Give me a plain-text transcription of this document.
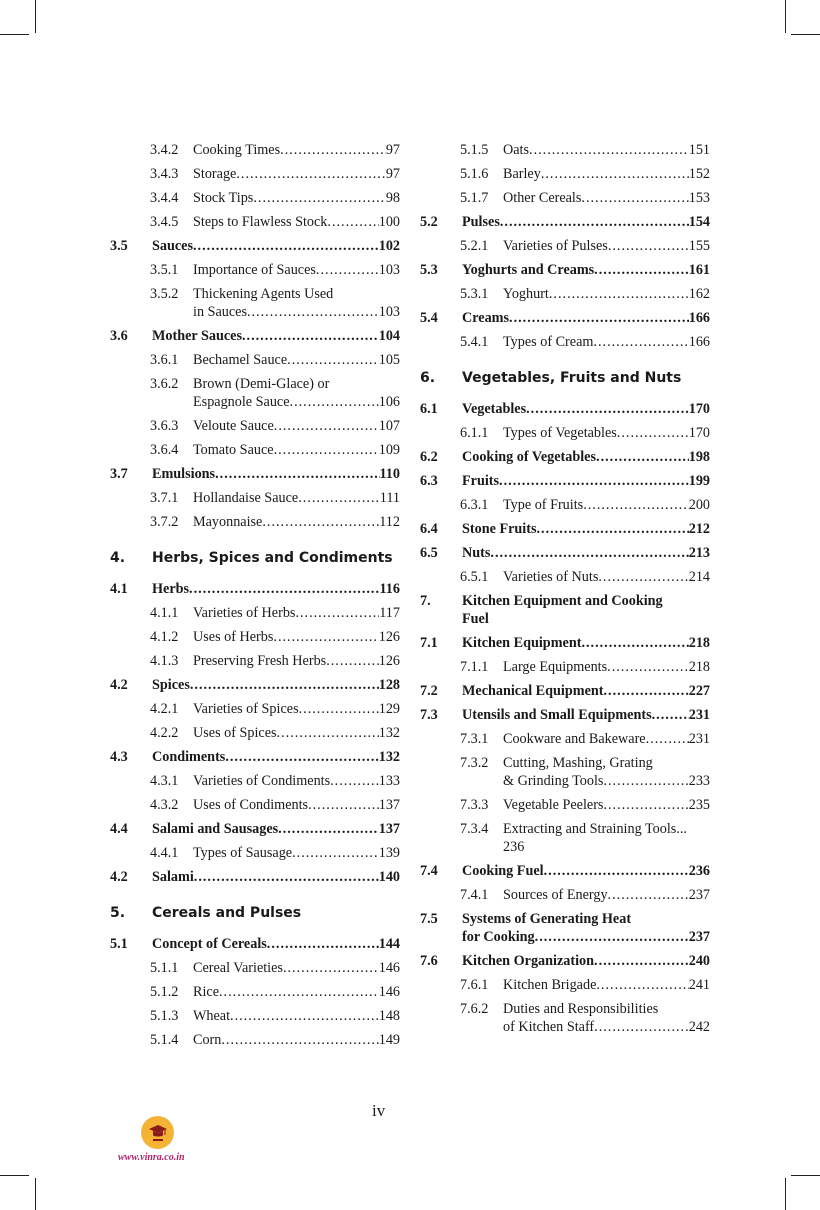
3.4.2	Cooking Times .....	97
3.4.3	Storage .....	97
3.4.4	Stock Tips .....	98
3.4.5	Steps to Flawless Stock .....	100
3.5	Sauces .....	102
3.5.1	Importance of Sauces .....	103
3.5.2	Thickening Agents Used
in Sauces .....	103
3.6	Mother Sauces .....	104
3.6.1	Bechamel Sauce .....	105
3.6.2	Brown (Demi-Glace) or
Espagnole Sauce .....	106
3.6.3	Veloute Sauce .....	107
3.6.4	Tomato Sauce .....	109
3.7	Emulsions .....	110
3.7.1	Hollandaise Sauce .....	111
3.7.2	Mayonnaise .....	112
4.	Herbs, Spices and Condiments
4.1	Herbs .....	116
4.1.1	Varieties of Herbs .....	117
4.1.2	Uses of Herbs .....	126
4.1.3	Preserving Fresh Herbs .....	126
4.2	Spices .....	128
4.2.1	Varieties of Spices .....	129
4.2.2	Uses of Spices .....	132
4.3	Condiments .....	132
4.3.1	Varieties of Condiments .....	133
4.3.2	Uses of Condiments .....	137
4.4	Salami and Sausages .....	137
4.4.1	Types of Sausage .....	139
4.2	Salami .....	140
5.	Cereals and Pulses
5.1	Concept of Cereals .....	144
5.1.1	Cereal Varieties .....	146
5.1.2	Rice .....	146
5.1.3	Wheat .....	148
5.1.4	Corn .....	149
5.1.5	Oats .....	151
5.1.6	Barley .....	152
5.1.7	Other Cereals .....	153
5.2	Pulses .....	154
5.2.1	Varieties of Pulses .....	155
5.3	Yoghurts and Creams .....	161
5.3.1	Yoghurt .....	162
5.4	Creams .....	166
5.4.1	Types of Cream .....	166
6.	Vegetables, Fruits and Nuts
6.1	Vegetables .....	170
6.1.1	Types of Vegetables .....	170
6.2	Cooking of Vegetables .....	198
6.3	Fruits .....	199
6.3.1	Type of Fruits .....	200
6.4	Stone Fruits .....	212
6.5	Nuts .....	213
6.5.1	Varieties of Nuts .....	214
7.	Kitchen Equipment and Cooking
Fuel
7.1	Kitchen Equipment .....	218
7.1.1	Large Equipments .....	218
7.2	Mechanical Equipment .....	227
7.3	Utensils and Small Equipments .....	231
7.3.1	Cookware and Bakeware .....	231
7.3.2	Cutting, Mashing, Grating
& Grinding Tools .....	233
7.3.3	Vegetable Peelers .....	235
7.3.4	Extracting and Straining Tools...
236
7.4	Cooking Fuel .....	236
7.4.1	Sources of Energy .....	237
7.5	Systems of Generating Heat
for Cooking .....	237
7.6	Kitchen Organization .....	240
7.6.1	Kitchen Brigade .....	241
7.6.2	Duties and Responsibilities
of Kitchen Staff .....	242
iv
www.vinra.co.in
